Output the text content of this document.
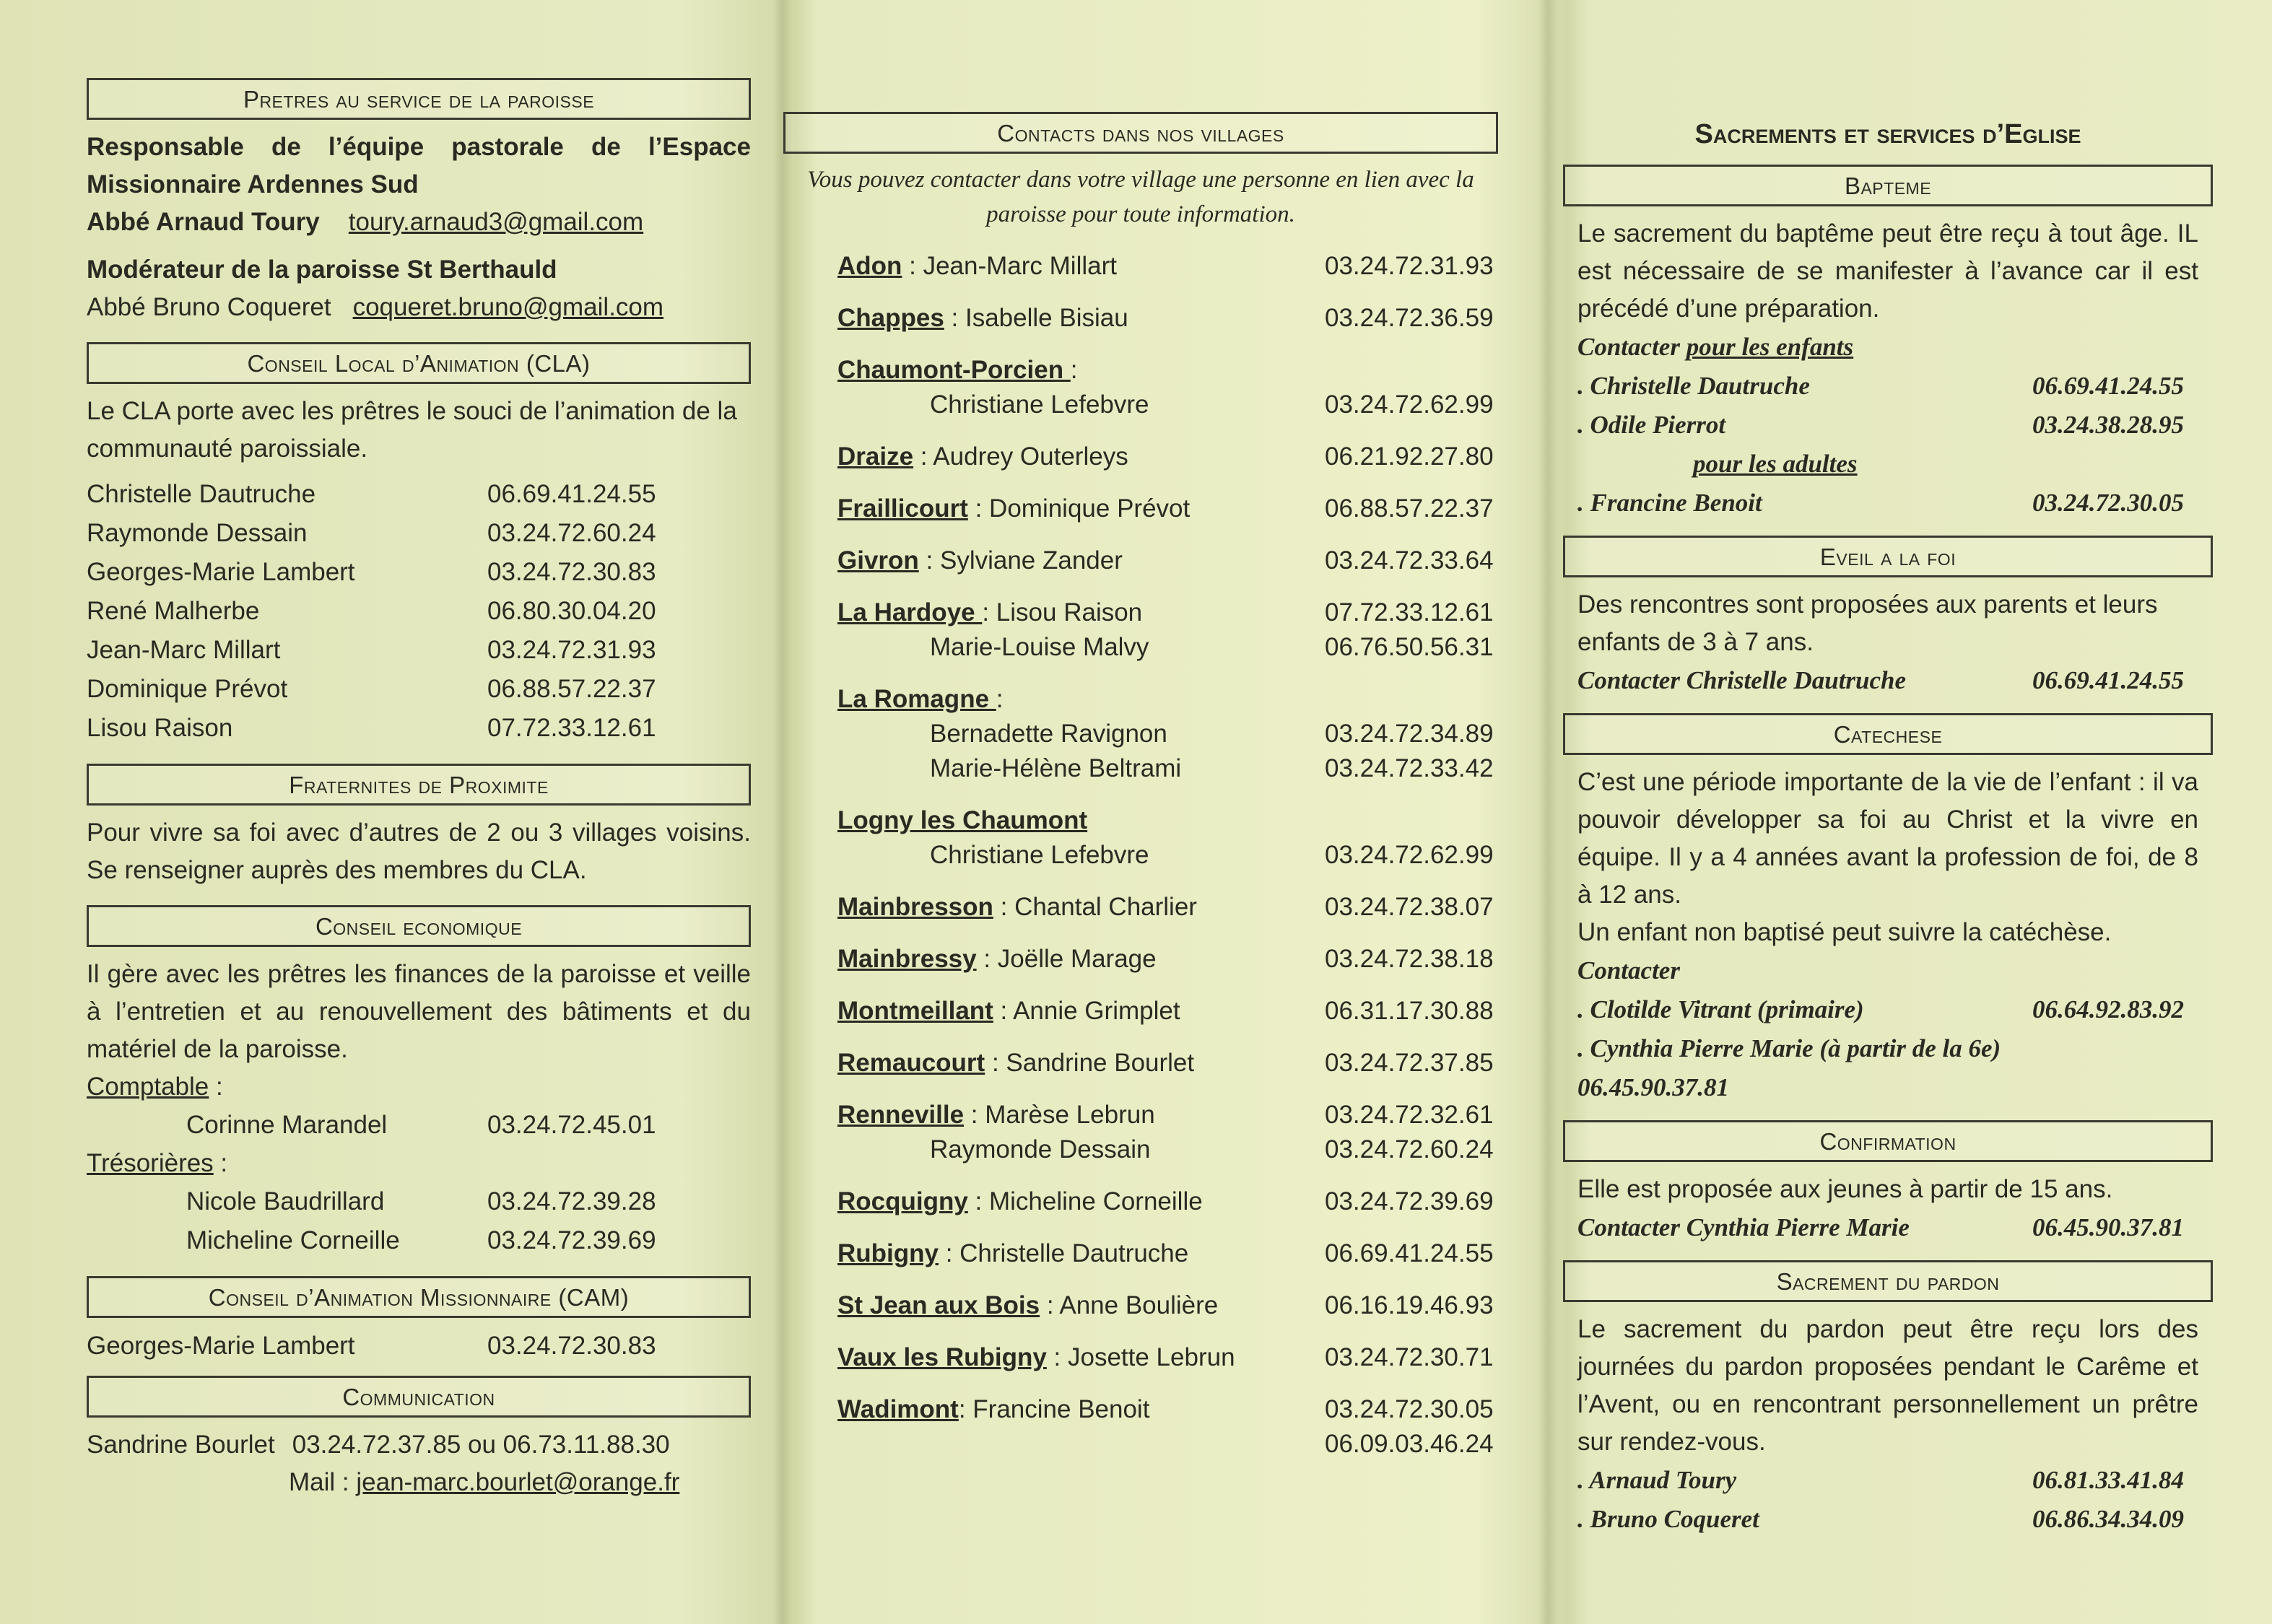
Pretres au service de la paroisse
Responsable de l’équipe pastorale de l’Espace Missionnaire Ardennes Sud
Abbé Arnaud Toury toury.arnaud3@gmail.com
Modérateur de la paroisse St Berthauld
Abbé Bruno Coqueret coqueret.bruno@gmail.com
Conseil Local d’Animation (CLA)
Le CLA porte avec les prêtres le souci de l’animation de la communauté paroissiale.
Christelle Dautruche	06.69.41.24.55
Raymonde Dessain	03.24.72.60.24
Georges-Marie Lambert	03.24.72.30.83
René Malherbe	06.80.30.04.20
Jean-Marc Millart	03.24.72.31.93
Dominique Prévot	06.88.57.22.37
Lisou Raison	07.72.33.12.61
Fraternites de Proximite
Pour vivre sa foi avec d’autres de 2 ou 3 villages voisins. Se renseigner auprès des membres du CLA.
Conseil economique
Il gère avec les prêtres les finances de la paroisse et veille à l’entretien et au renouvellement des bâtiments et du matériel de la paroisse.
Comptable :
Corinne Marandel	03.24.72.45.01
Trésorières :
Nicole Baudrillard	03.24.72.39.28
Micheline Corneille	03.24.72.39.69
Conseil d’Animation Missionnaire (CAM)
Georges-Marie Lambert	03.24.72.30.83
Communication
Sandrine Bourlet 03.24.72.37.85 ou 06.73.11.88.30
Mail : jean-marc.bourlet@orange.fr
Contacts dans nos villages
Vous pouvez contacter dans votre village une personne en lien avec la paroisse pour toute information.
Adon : Jean-Marc Millart	03.24.72.31.93
Chappes : Isabelle Bisiau	03.24.72.36.59
Chaumont-Porcien :
Christiane Lefebvre	03.24.72.62.99
Draize : Audrey Outerleys	06.21.92.27.80
Fraillicourt : Dominique Prévot	06.88.57.22.37
Givron : Sylviane Zander	03.24.72.33.64
La Hardoye : Lisou Raison	07.72.33.12.61
Marie-Louise Malvy	06.76.50.56.31
La Romagne :
Bernadette Ravignon	03.24.72.34.89
Marie-Hélène Beltrami	03.24.72.33.42
Logny les Chaumont
Christiane Lefebvre	03.24.72.62.99
Mainbresson : Chantal Charlier	03.24.72.38.07
Mainbressy : Joëlle Marage	03.24.72.38.18
Montmeillant : Annie Grimplet	06.31.17.30.88
Remaucourt : Sandrine Bourlet	03.24.72.37.85
Renneville : Marèse Lebrun	03.24.72.32.61
Raymonde Dessain	03.24.72.60.24
Rocquigny : Micheline Corneille	03.24.72.39.69
Rubigny : Christelle Dautruche	06.69.41.24.55
St Jean aux Bois : Anne Boulière	06.16.19.46.93
Vaux les Rubigny : Josette Lebrun	03.24.72.30.71
Wadimont: Francine Benoit	03.24.72.30.05
06.09.03.46.24
Sacrements et services d’Eglise
Bapteme
Le sacrement du baptême peut être reçu à tout âge. IL est nécessaire de se manifester à l’avance car il est précédé d’une préparation.
Contacter pour les enfants
. Christelle Dautruche	06.69.41.24.55
. Odile Pierrot	03.24.38.28.95
pour les adultes
. Francine Benoit	03.24.72.30.05
Eveil a la foi
Des rencontres sont proposées aux parents et leurs enfants de 3 à 7 ans.
Contacter Christelle Dautruche	06.69.41.24.55
Catechese
C’est une période importante de la vie de l’enfant : il va pouvoir développer sa foi au Christ et la vivre en équipe. Il y a 4 années avant la profession de foi, de 8 à 12 ans.
Un enfant non baptisé peut suivre la catéchèse.
Contacter
. Clotilde Vitrant (primaire)	06.64.92.83.92
. Cynthia Pierre Marie (à partir de la 6e)
06.45.90.37.81
Confirmation
Elle est proposée aux jeunes à partir de 15 ans.
Contacter Cynthia Pierre Marie	06.45.90.37.81
Sacrement du pardon
Le sacrement du pardon peut être reçu lors des journées du pardon proposées pendant le Carême et l’Avent, ou en rencontrant personnellement un prêtre sur rendez-vous.
. Arnaud Toury	06.81.33.41.84
. Bruno Coqueret	06.86.34.34.09
